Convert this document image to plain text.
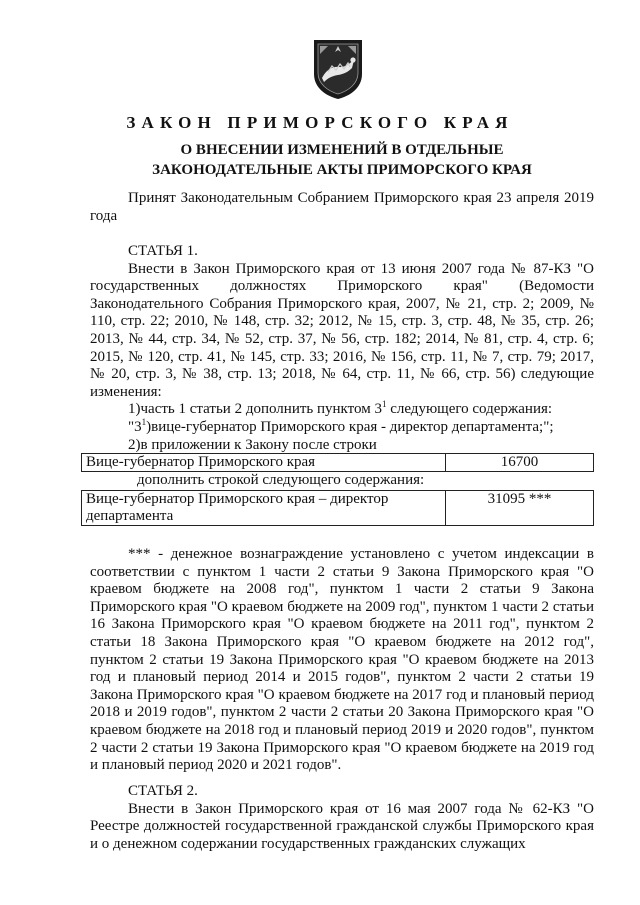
ЗАКОН ПРИМОРСКОГО КРАЯ
О ВНЕСЕНИИ ИЗМЕНЕНИЙ В ОТДЕЛЬНЫЕ
ЗАКОНОДАТЕЛЬНЫЕ АКТЫ ПРИМОРСКОГО КРАЯ

Принят Законодательным Собранием Приморского края 23 апреля 2019 года

СТАТЬЯ 1.

Внести в Закон Приморского края от 13 июня 2007 года № 87-КЗ "О государственных должностях Приморского края" (Ведомости Законодательного Собрания Приморского края, 2007, № 21, стр. 2; 2009, № 110, стр. 22; 2010, № 148, стр. 32; 2012, № 15, стр. 3, стр. 48, № 35, стр. 26; 2013, № 44, стр. 34, № 52, стр. 37, № 56, стр. 182; 2014, № 81, стр. 4, стр. 6; 2015, № 120, стр. 41, № 145, стр. 33; 2016, № 156, стр. 11, № 7, стр. 79; 2017, № 20, стр. 3, № 38, стр. 13; 2018, № 64, стр. 11, № 66, стр. 56) следующие изменения:

1)часть 1 статьи 2 дополнить пунктом $3^1$ следующего содержания:

"$3^1)вице$-губернатор Приморского края - директор департамента;";

2)в приложении к Закону после строки

Вице-губернатор Приморского края	16700

дополнить строкой следующего содержания:

Вице-губернатор Приморского края – директор департамента	31095 ***

*** - денежное вознаграждение установлено с учетом индексации в соответствии с пунктом 1 части 2 статьи 9 Закона Приморского края "О краевом бюджете на 2008 год", пунктом 1 части 2 статьи 9 Закона Приморского края "О краевом бюджете на 2009 год", пунктом 1 части 2 статьи 16 Закона Приморского края "О краевом бюджете на 2011 год", пунктом 2 статьи 18 Закона Приморского края "О краевом бюджете на 2012 год", пунктом 2 статьи 19 Закона Приморского края "О краевом бюджете на 2013 год и плановый период 2014 и 2015 годов", пунктом 2 части 2 статьи 19 Закона Приморского края "О краевом бюджете на 2017 год и плановый период 2018 и 2019 годов", пунктом 2 части 2 статьи 20 Закона Приморского края "О краевом бюджете на 2018 год и плановый период 2019 и 2020 годов", пунктом 2 части 2 статьи 19 Закона Приморского края "О краевом бюджете на 2019 год и плановый период 2020 и 2021 годов".

СТАТЬЯ 2.

Внести в Закон Приморского края от 16 мая 2007 года № 62-КЗ "О Реестре должностей государственной гражданской службы Приморского края и о денежном содержании государственных гражданских служащих
